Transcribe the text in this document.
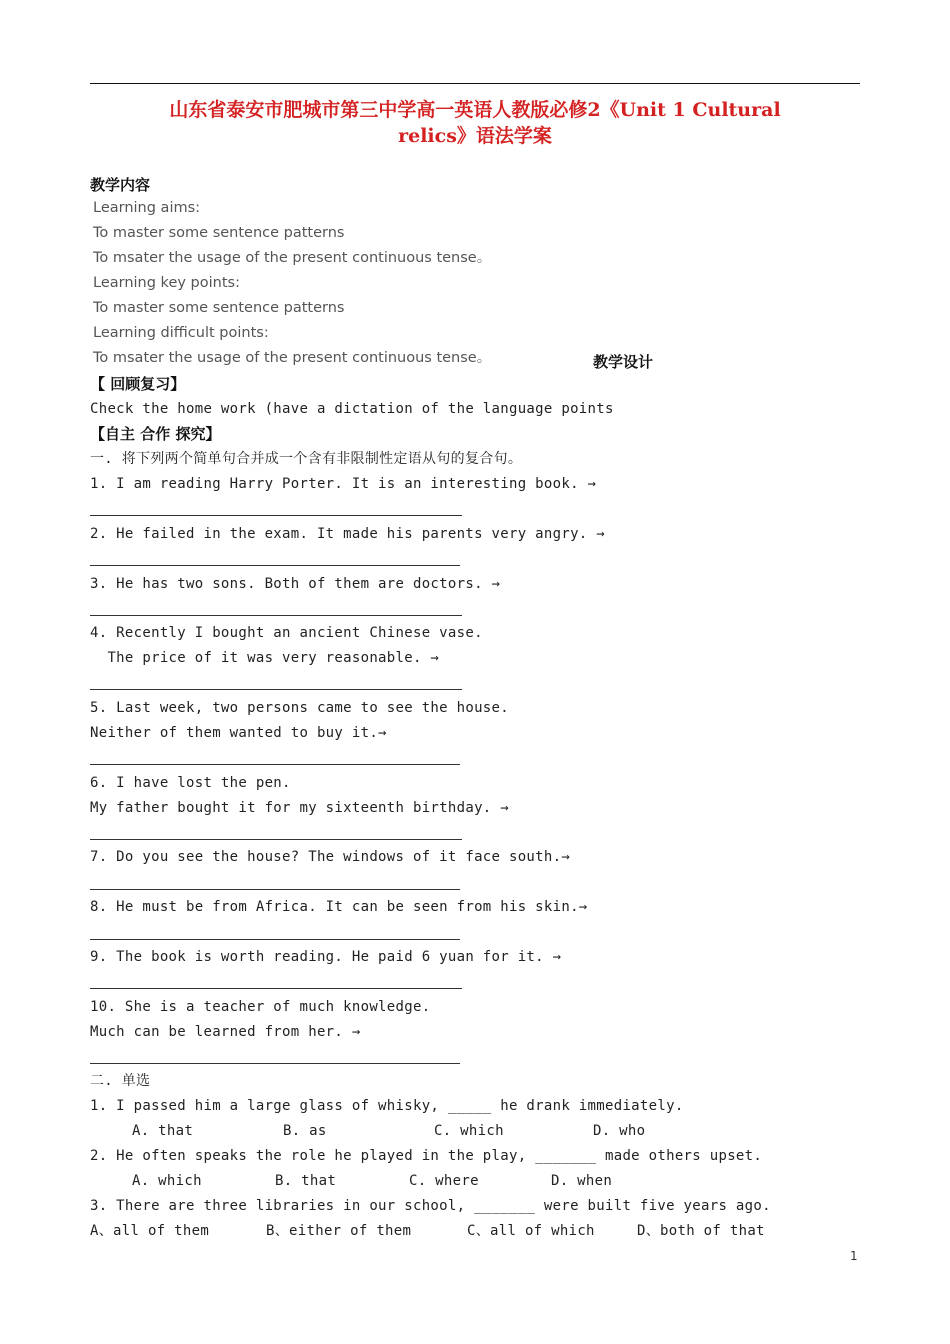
山东省泰安市肥城市第三中学高一英语人教版必修2《Unit 1 Cultural
relics》语法学案
教学内容
Learning aims:
To master some sentence patterns
To msater the usage of the present continuous tense。
Learning key points:
To master some sentence patterns
Learning difficult points:
To msater the usage of the present continuous tense。	教学设计
【 回顾复习】
Check the home work (have a dictation of the language points
【自主 合作 探究】
一. 将下列两个简单句合并成一个含有非限制性定语从句的复合句。
1. I am reading Harry Porter. It is an interesting book. →
2. He failed in the exam. It made his parents very angry. →
3. He has two sons. Both of them are doctors. →
4. Recently I bought an ancient Chinese vase.
The price of it was very reasonable. →
5. Last week, two persons came to see the house.
Neither of them wanted to buy it.→
6. I have lost the pen.
My father bought it for my sixteenth birthday. →
7. Do you see the house? The windows of it face south.→
8. He must be from Africa. It can be seen from his skin.→
9. The book is worth reading. He paid 6 yuan for it. →
10. She is a teacher of much knowledge.
Much can be learned from her. →
二. 单选
1. I passed him a large glass of whisky, _____ he drank immediately.
A. that	B. as	C. which	D. who
2. He often speaks the role he played in the play, _______ made others upset.
A. which	B. that	C. where	D. when
3. There are three libraries in our school, _______ were built five years ago.
A、all of them	B、either of them	C、all of which	D、both of that
1
